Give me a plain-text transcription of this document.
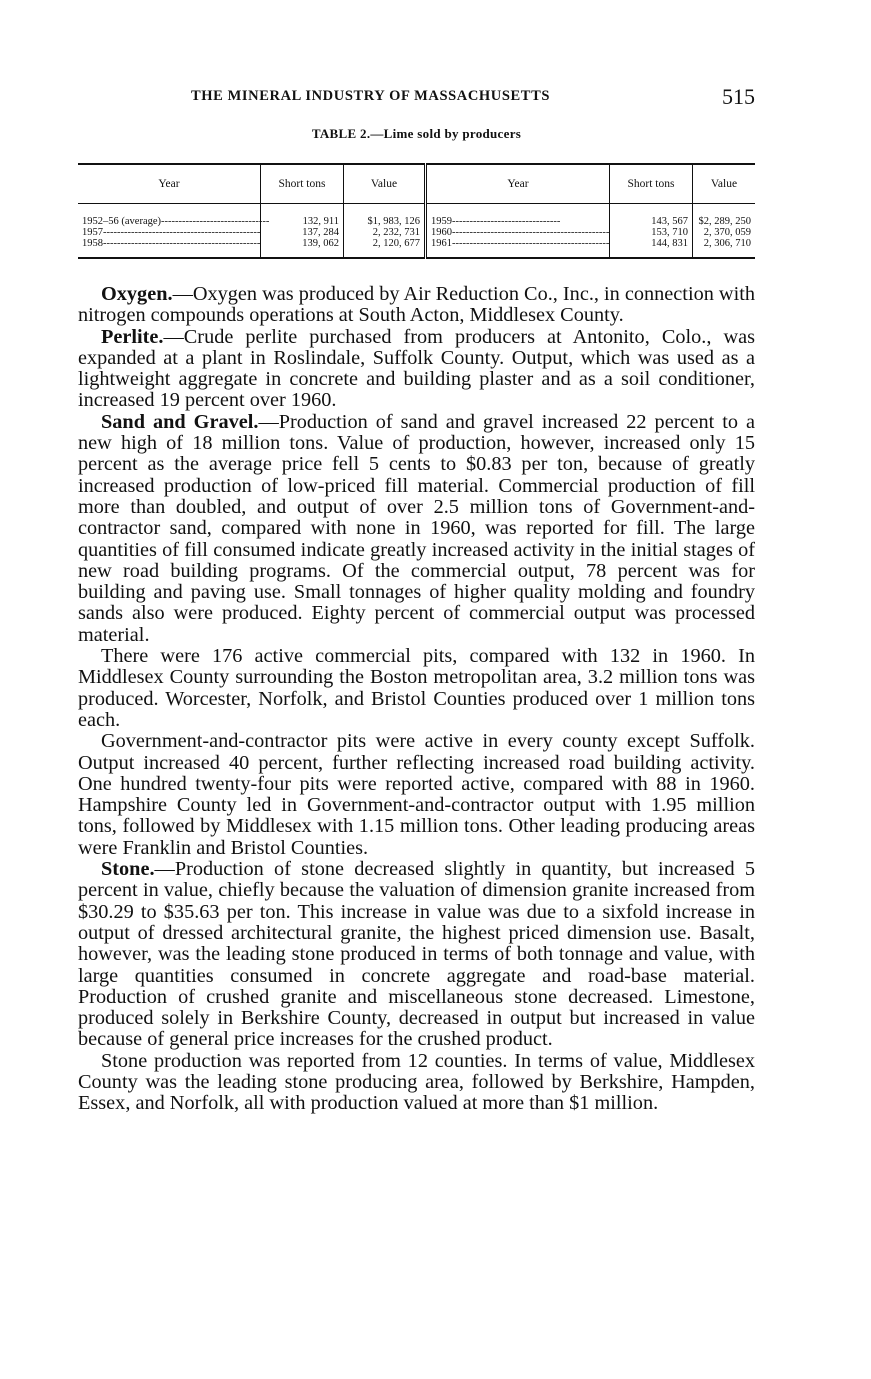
THE MINERAL INDUSTRY OF MASSACHUSETTS	515
TABLE 2.—Lime sold by producers
Year	Short tons	Value	Year	Short tons	Value
1952–56 (average)-------------------------------	132, 911	$1, 983, 126	1959-------------------------------	143, 567	$2, 289, 250
1957---------------------------------------------	137, 284	2, 232, 731	1960---------------------------------------------	153, 710	2, 370, 059
1958---------------------------------------------	139, 062	2, 120, 677	1961---------------------------------------------	144, 831	2, 306, 710

Oxygen.—Oxygen was produced by Air Reduction Co., Inc., in connection with nitrogen compounds operations at South Acton, Middlesex County.

Perlite.—Crude perlite purchased from producers at Antonito, Colo., was expanded at a plant in Roslindale, Suffolk County. Output, which was used as a lightweight aggregate in concrete and building plaster and as a soil conditioner, increased 19 percent over 1960.

Sand and Gravel.—Production of sand and gravel increased 22 percent to a new high of 18 million tons. Value of production, however, increased only 15 percent as the average price fell 5 cents to $0.83 per ton, because of greatly increased production of low-priced fill material. Commercial production of fill more than doubled, and output of over 2.5 million tons of Government-and-contractor sand, compared with none in 1960, was reported for fill. The large quantities of fill consumed indicate greatly increased activity in the initial stages of new road building programs. Of the commercial output, 78 percent was for building and paving use. Small tonnages of higher quality molding and foundry sands also were produced. Eighty percent of commercial output was processed material.

There were 176 active commercial pits, compared with 132 in 1960. In Middlesex County surrounding the Boston metropolitan area, 3.2 million tons was produced. Worcester, Norfolk, and Bristol Counties produced over 1 million tons each.

Government-and-contractor pits were active in every county except Suffolk. Output increased 40 percent, further reflecting increased road building activity. One hundred twenty-four pits were reported active, compared with 88 in 1960. Hampshire County led in Government-and-contractor output with 1.95 million tons, followed by Middlesex with 1.15 million tons. Other leading producing areas were Franklin and Bristol Counties.

Stone.—Production of stone decreased slightly in quantity, but increased 5 percent in value, chiefly because the valuation of dimension granite increased from $30.29 to $35.63 per ton. This increase in value was due to a sixfold increase in output of dressed architectural granite, the highest priced dimension use. Basalt, however, was the leading stone produced in terms of both tonnage and value, with large quantities consumed in concrete aggregate and road-base material. Production of crushed granite and miscellaneous stone decreased. Limestone, produced solely in Berkshire County, decreased in output but increased in value because of general price increases for the crushed product.

Stone production was reported from 12 counties. In terms of value, Middlesex County was the leading stone producing area, followed by Berkshire, Hampden, Essex, and Norfolk, all with production valued at more than $1 million.
